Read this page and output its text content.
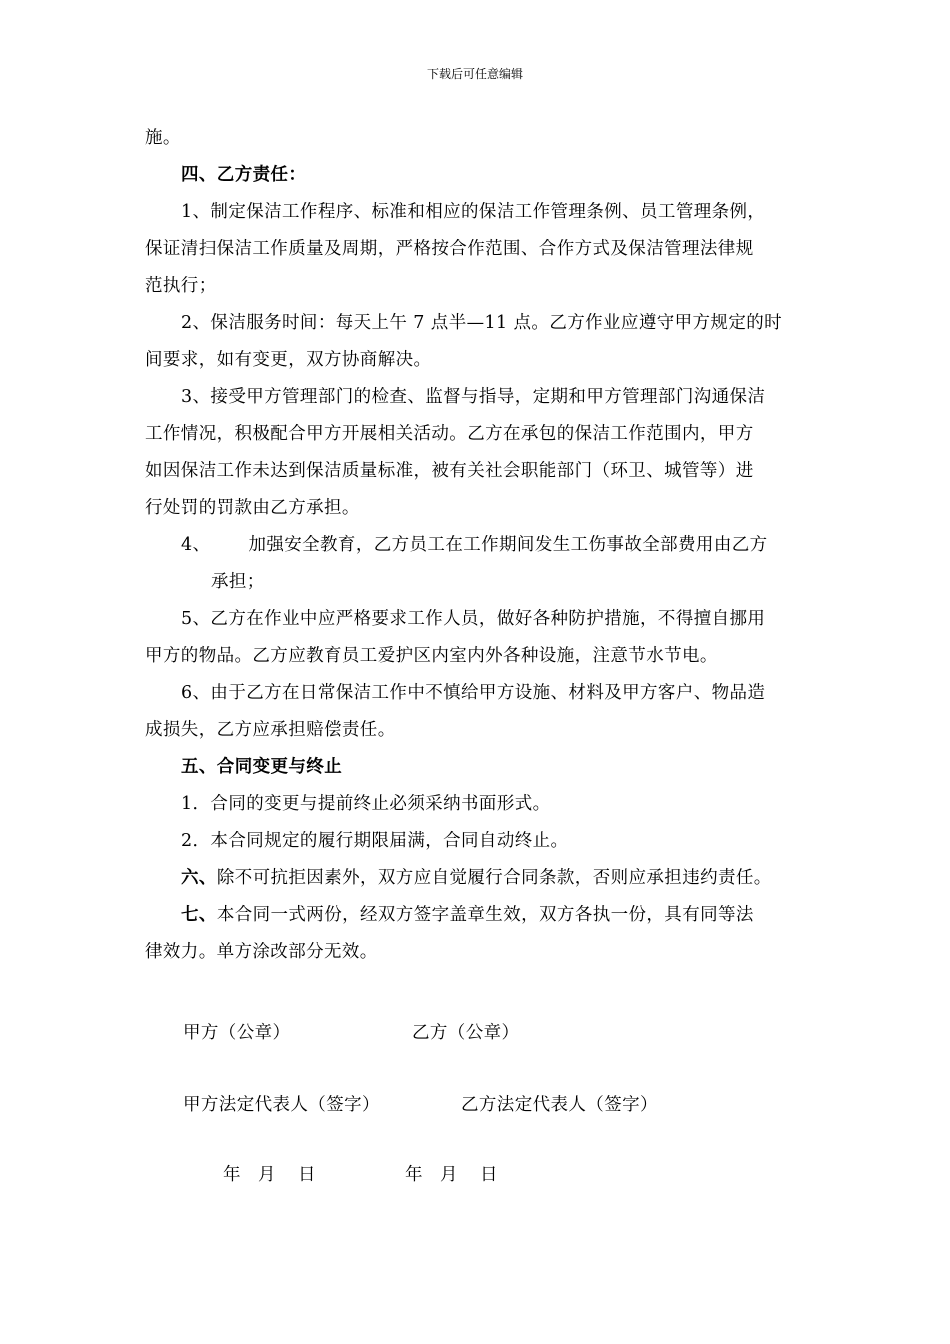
下载后可任意编辑
施。
四、乙方责任：
1、制定保洁工作程序、标准和相应的保洁工作管理条例、员工管理条例，
保证清扫保洁工作质量及周期，严格按合作范围、合作方式及保洁管理法律规
范执行；
2、保洁服务时间：每天上午 7 点半—11 点。乙方作业应遵守甲方规定的时
间要求，如有变更，双方协商解决。
3、接受甲方管理部门的检查、监督与指导，定期和甲方管理部门沟通保洁
工作情况，积极配合甲方开展相关活动。乙方在承包的保洁工作范围内，甲方
如因保洁工作未达到保洁质量标准，被有关社会职能部门（环卫、城管等）进
行处罚的罚款由乙方承担。
4、 加强安全教育，乙方员工在工作期间发生工伤事故全部费用由乙方
承担；
5、乙方在作业中应严格要求工作人员，做好各种防护措施，不得擅自挪用
甲方的物品。乙方应教育员工爱护区内室内外各种设施，注意节水节电。
6、由于乙方在日常保洁工作中不慎给甲方设施、材料及甲方客户、物品造
成损失，乙方应承担赔偿责任。
五、合同变更与终止
1．合同的变更与提前终止必须采纳书面形式。
2．本合同规定的履行期限届满，合同自动终止。
六、除不可抗拒因素外，双方应自觉履行合同条款，否则应承担违约责任。
七、本合同一式两份，经双方签字盖章生效，双方各执一份，具有同等法
律效力。单方涂改部分无效。
甲方（公章）	乙方（公章）
甲方法定代表人（签字）	乙方法定代表人（签字）
年 月 日	年 月 日
